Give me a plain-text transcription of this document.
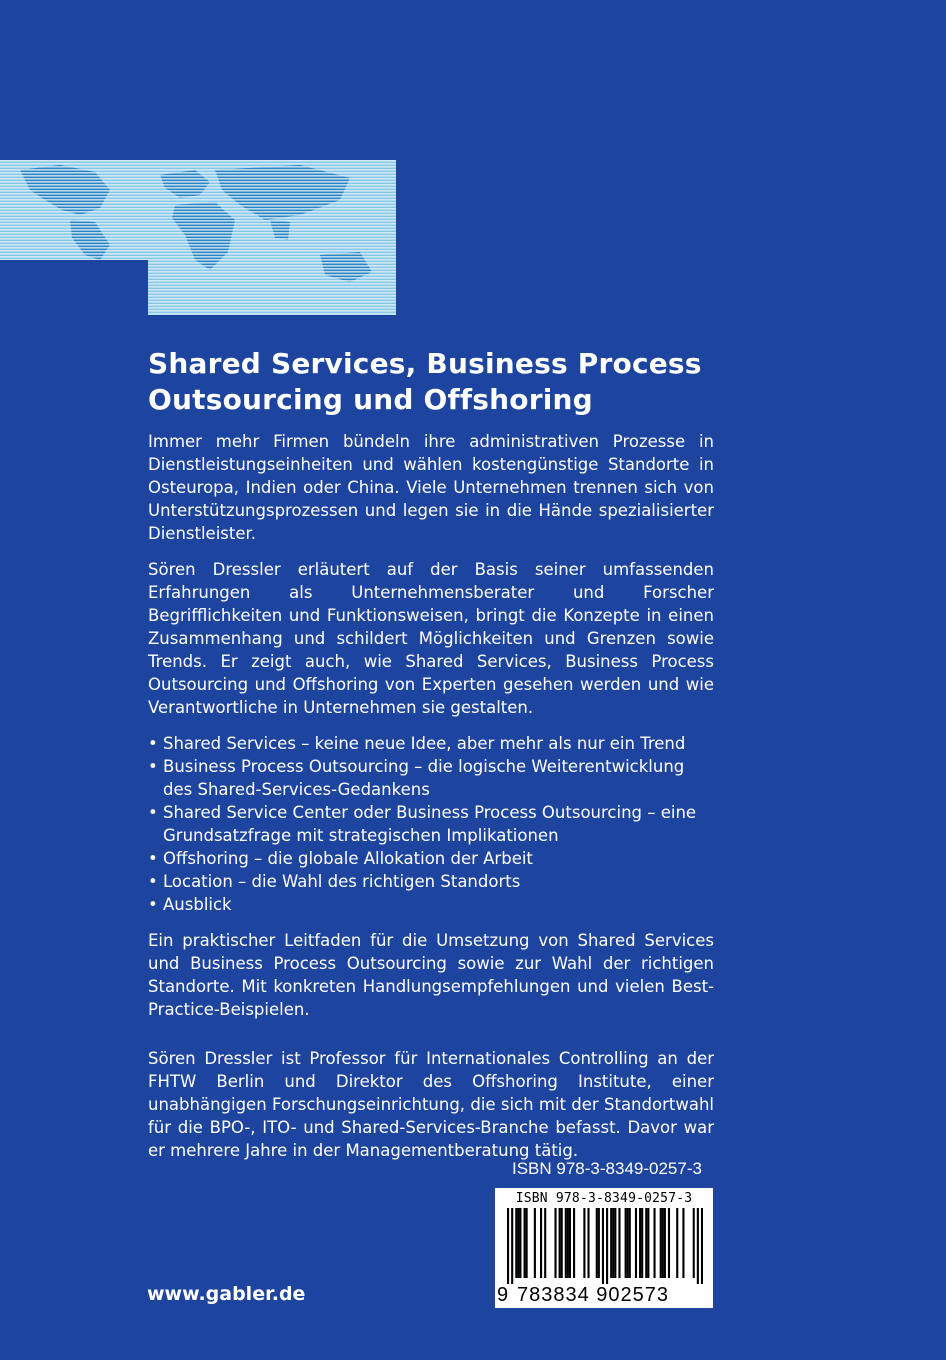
Shared Services, Business Process
Outsourcing und Offshoring

Immer mehr Firmen bündeln ihre administrativen Prozesse in Dienstleistungseinheiten und wählen kostengünstige Standorte in Osteuropa, Indien oder China. Viele Unternehmen trennen sich von Unterstützungsprozessen und legen sie in die Hände spezialisierter Dienstleister.

Sören Dressler erläutert auf der Basis seiner umfassenden Erfahrungen als Unternehmensberater und Forscher Begrifflichkeiten und Funktionsweisen, bringt die Konzepte in einen Zusammenhang und schildert Möglichkeiten und Grenzen sowie Trends. Er zeigt auch, wie Shared Services, Business Process Outsourcing und Offshoring von Experten gesehen werden und wie Verantwortliche in Unternehmen sie gestalten.

• Shared Services – keine neue Idee, aber mehr als nur ein Trend
• Business Process Outsourcing – die logische Weiterentwicklung des Shared-Services-Gedankens
• Shared Service Center oder Business Process Outsourcing – eine Grundsatzfrage mit strategischen Implikationen
• Offshoring – die globale Allokation der Arbeit
• Location – die Wahl des richtigen Standorts
• Ausblick

Ein praktischer Leitfaden für die Umsetzung von Shared Services und Business Process Outsourcing sowie zur Wahl der richtigen Standorte. Mit konkreten Handlungsempfehlungen und vielen Best-Practice-Beispielen.

Sören Dressler ist Professor für Internationales Controlling an der FHTW Berlin und Direktor des Offshoring Institute, einer unabhängigen Forschungseinrichtung, die sich mit der Standortwahl für die BPO-, ITO- und Shared-Services-Branche befasst. Davor war er mehrere Jahre in der Managementberatung tätig.

ISBN 978-3-8349-0257-3
ISBN 978-3-8349-0257-3
9 783834 902573
www.gabler.de
